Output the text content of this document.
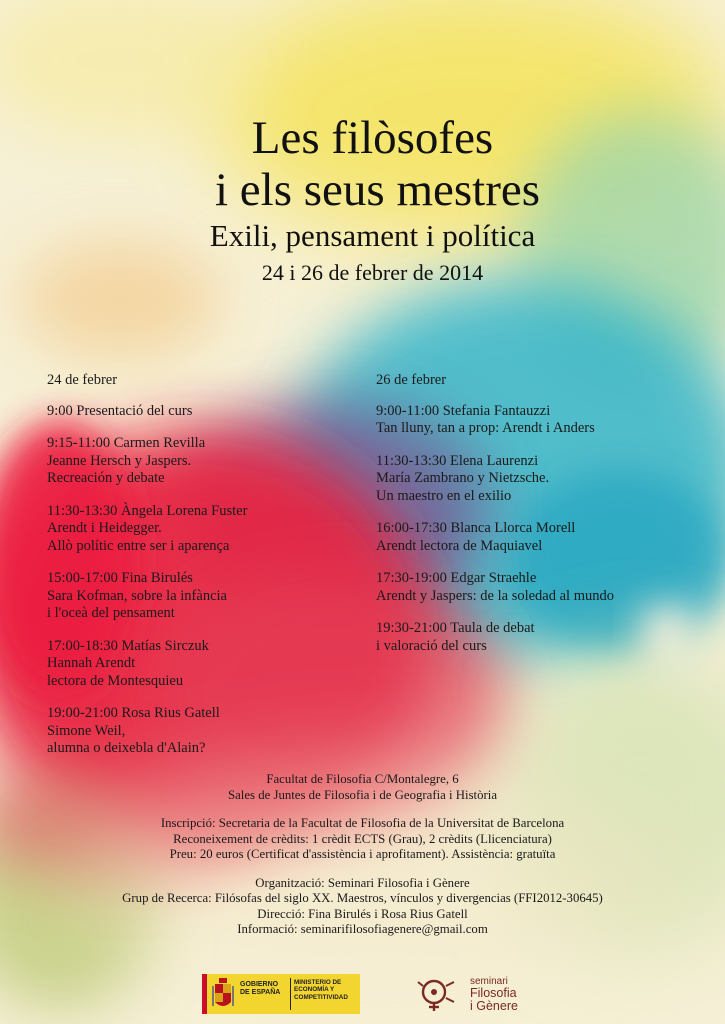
Les filòsofes
i els seus mestres
Exili, pensament i política
24 i 26 de febrer de 2014
24 de febrer
9:00 Presentació del curs
9:15-11:00 Carmen Revilla
Jeanne Hersch y Jaspers.
Recreación y debate
11:30-13:30 Àngela Lorena Fuster
Arendt i Heidegger.
Allò polític entre ser i aparença
15:00-17:00 Fina Birulés
Sara Kofman, sobre la infància
i l'oceà del pensament
17:00-18:30 Matías Sirczuk
Hannah Arendt
lectora de Montesquieu
19:00-21:00 Rosa Rius Gatell
Simone Weil,
alumna o deixebla d'Alain?
26 de febrer
9:00-11:00 Stefania Fantauzzi
Tan lluny, tan a prop: Arendt i Anders
11:30-13:30 Elena Laurenzi
María Zambrano y Nietzsche.
Un maestro en el exilio
16:00-17:30 Blanca Llorca Morell
Arendt lectora de Maquiavel
17:30-19:00 Edgar Straehle
Arendt y Jaspers: de la soledad al mundo
19:30-21:00 Taula de debat
i valoració del curs
Facultat de Filosofia C/Montalegre, 6
Sales de Juntes de Filosofia i de Geografia i Història
Inscripció: Secretaria de la Facultat de Filosofia de la Universitat de Barcelona
Reconeixement de crèdits: 1 crèdit ECTS (Grau), 2 crèdits (Llicenciatura)
Preu: 20 euros (Certificat d'assistència i aprofitament). Assistència: gratuïta
Organització: Seminari Filosofia i Gènere
Grup de Recerca: Filósofas del siglo XX. Maestros, vínculos y divergencias (FFI2012-30645)
Direcció: Fina Birulés i Rosa Rius Gatell
Informació: seminarifilosofiagenere@gmail.com
GOBIERNO DE ESPAÑA
MINISTERIO DE ECONOMÍA Y COMPETITIVIDAD
seminari
Filosofia
i Gènere
